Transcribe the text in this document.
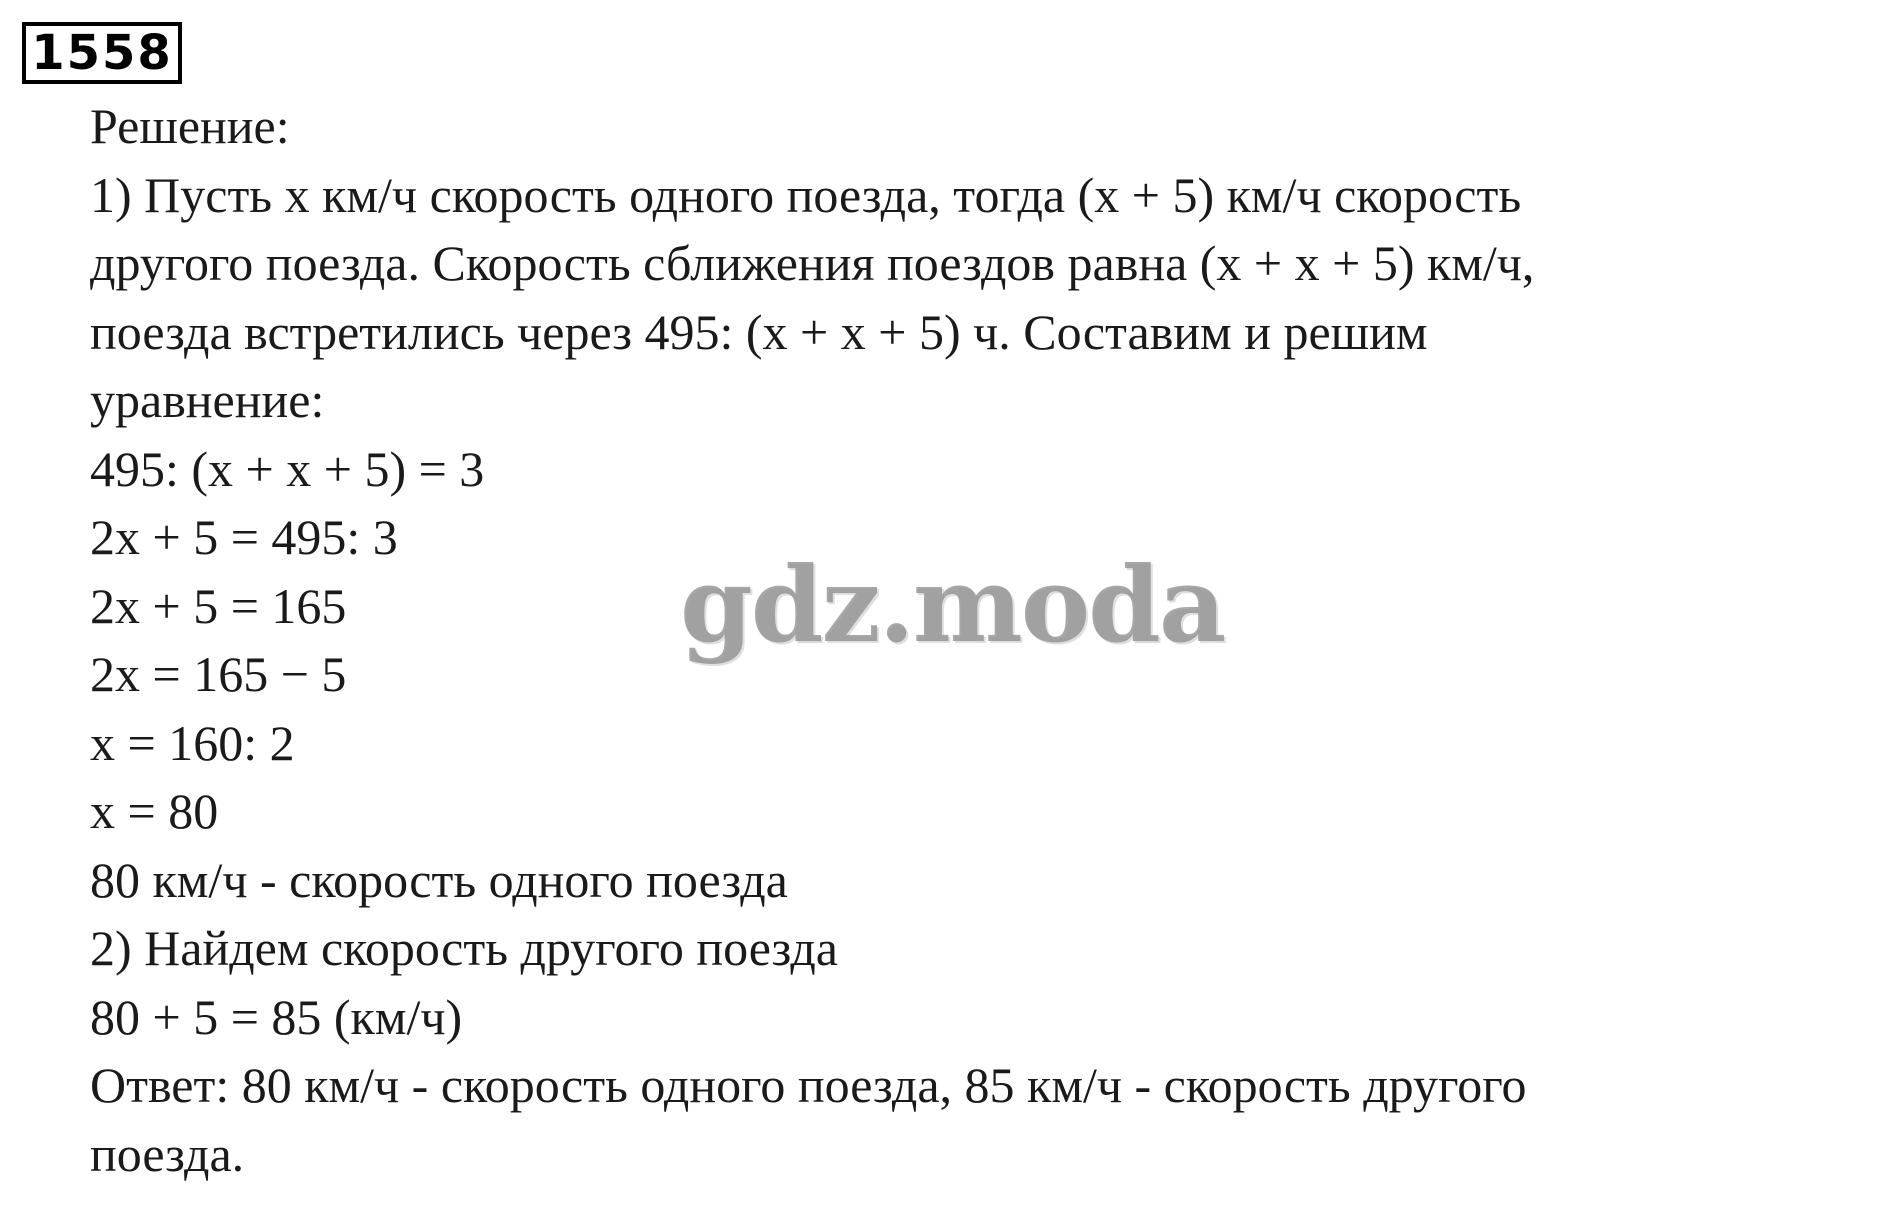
1558
Решение:
1) Пусть x км/ч скорость одного поезда, тогда (x + 5) км/ч скорость
другого поезда. Скорость сближения поездов равна (x + x + 5) км/ч,
поезда встретились через 495: (x + x + 5) ч. Составим и решим
уравнение:
495: (x + x + 5) = 3
2x + 5 = 495: 3
2x + 5 = 165
2x = 165 − 5
x = 160: 2
x = 80
80 км/ч - скорость одного поезда
2) Найдем скорость другого поезда
80 + 5 = 85 (км/ч)
Ответ: 80 км/ч - скорость одного поезда, 85 км/ч - скорость другого
поезда.
gdz.moda
